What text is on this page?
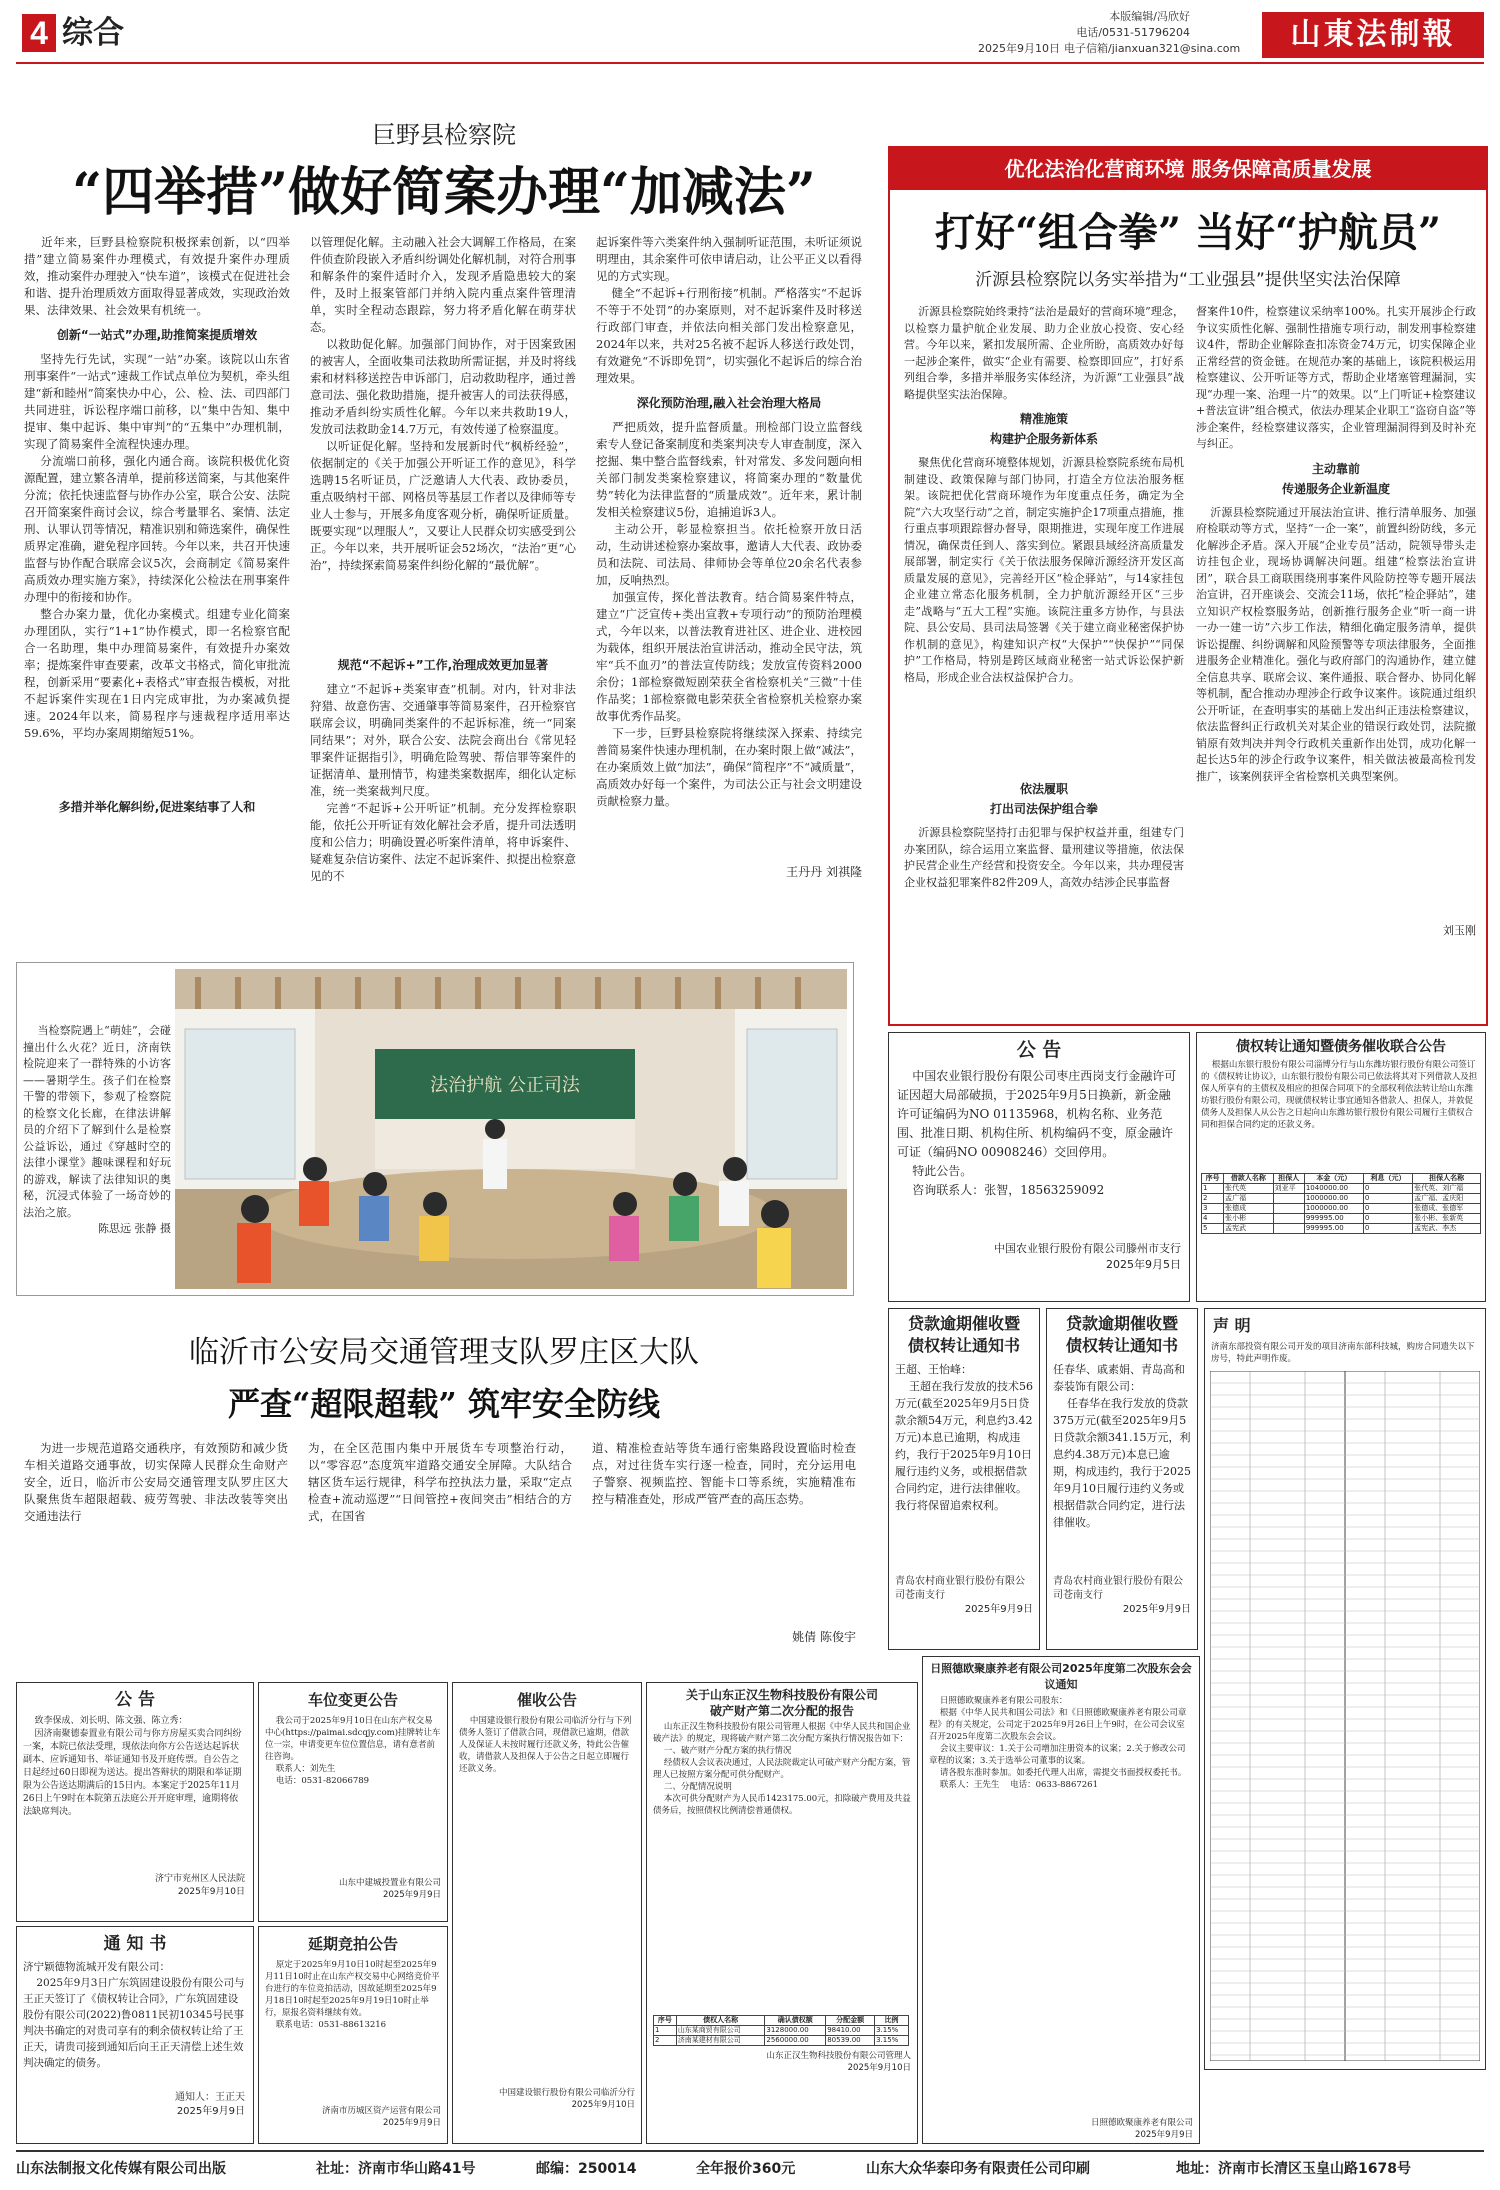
4 综合	本版编辑/冯欣好
电话/0531-51796204
2025年9月10日 电子信箱/jianxuan321@sina.com	山東法制報
巨野县检察院
“四举措”做好简案办理“加减法”
近年来，巨野县检察院积极探索创新，以“四举措”建立简易案件办理模式，有效提升案件办理质效，推动案件办理驶入“快车道”，该模式在促进社会和谐、提升治理质效方面取得显著成效，实现政治效果、法律效果、社会效果有机统一。
创新“一站式”办理,助推简案提质增效
坚持先行先试，实现“一站”办案。该院以山东省刑事案件“一站式”速裁工作试点单位为契机，牵头组建“新和睦州”简案快办中心，公、检、法、司四部门共同进驻，诉讼程序端口前移，以“集中告知、集中提审、集中起诉、集中审判”的“五集中”办理机制，实现了简易案件全流程快速办理。
分流端口前移，强化内通合商。该院积极优化资源配置，建立繁各清单，提前移送简案，与其他案件分流；依托快速监督与协作办公室，联合公安、法院召开简案案件商讨会议，综合考量罪名、案情、法定刑、认罪认罚等情况，精准识别和筛选案件，确保性质界定准确，避免程序回转。今年以来，共召开快速监督与协作配合联席会议5次，会商制定《简易案件高质效办理实施方案》，持续深化公检法在刑事案件办理中的衔接和协作。
整合办案力量，优化办案模式。组建专业化简案办理团队，实行“1+1”协作模式，即一名检察官配合一名助理，集中办理简易案件，有效提升办案效率；提炼案件审查要素，改革文书格式，简化审批流程，创新采用“要素化+表格式”审查报告模板，对批不起诉案件实现在1日内完成审批，为办案减负提速。2024年以来，简易程序与速裁程序适用率达59.6%，平均办案周期缩短51%。
多措并举化解纠纷,促进案结事了人和
以管理促化解。主动融入社会大调解工作格局，在案件侦查阶段嵌入矛盾纠纷调处化解机制，对符合刑事和解条件的案件适时介入，发现矛盾隐患较大的案件，及时上报案管部门并纳入院内重点案件管理清单，实时全程动态跟踪，努力将矛盾化解在萌芽状态。
以救助促化解。加强部门间协作，对于因案致困的被害人，全面收集司法救助所需证据，并及时将线索和材料移送控告申诉部门，启动救助程序，通过善意司法、强化救助措施，提升被害人的司法获得感，推动矛盾纠纷实质性化解。今年以来共救助19人，发放司法救助金14.7万元，有效传递了检察温度。
以听证促化解。坚持和发展新时代“枫桥经验”，依据制定的《关于加强公开听证工作的意见》，科学选聘15名听证员，广泛邀请人大代表、政协委员，重点吸纳村干部、网格员等基层工作者以及律师等专业人士参与，开展多角度客观分析，确保听证质量。既要实现“以理服人”，又要让人民群众切实感受到公正。今年以来，共开展听证会52场次，“法治”更“心治”，持续探索简易案件纠纷化解的“最优解”。
规范“不起诉+”工作,治理成效更加显著
建立“不起诉+类案审查”机制。对内，针对非法狩猎、故意伤害、交通肇事等简易案件，召开检察官联席会议，明确同类案件的不起诉标准，统一“同案同结果”；对外，联合公安、法院会商出台《常见轻罪案件证据指引》，明确危险驾驶、帮信罪等案件的证据清单、量刑情节，构建类案数据库，细化认定标准，统一类案裁判尺度。
完善“不起诉+公开听证”机制。充分发挥检察职能，依托公开听证有效化解社会矛盾，提升司法透明度和公信力；明确设置必听案件清单，将申诉案件、疑难复杂信访案件、法定不起诉案件、拟提出检察意见的不
起诉案件等六类案件纳入强制听证范围，未听证须说明理由，其余案件可依申请启动，让公平正义以看得见的方式实现。
健全“不起诉+行刑衔接”机制。严格落实“不起诉不等于不处罚”的办案原则，对不起诉案件及时移送行政部门审查，并依法向相关部门发出检察意见，2024年以来，共对25名被不起诉人移送行政处罚，有效避免“不诉即免罚”，切实强化不起诉后的综合治理效果。
深化预防治理,融入社会治理大格局
严把质效，提升监督质量。刑检部门设立监督线索专人登记备案制度和类案判决专人审查制度，深入挖掘、集中整合监督线索，针对常发、多发问题向相关部门制发类案检察建议，将简案办理的“数量优势”转化为法律监督的“质量成效”。近年来，累计制发相关检察建议5份，追捕追诉3人。
主动公开，彰显检察担当。依托检察开放日活动，生动讲述检察办案故事，邀请人大代表、政协委员和法院、司法局、律师协会等单位20余名代表参加，反响热烈。
加强宣传，探化普法教育。结合简易案件特点，建立“广泛宣传+类出宣教+专项行动”的预防治理模式，今年以来，以普法教育进社区、进企业、进校园为载体，组织开展法治宣讲活动，推动全民守法，筑牢“兵不血刃”的普法宣传防线；发放宣传资料2000余份；1部检察微短剧荣获全省检察机关“三微”十佳作品奖；1部检察微电影荣获全省检察机关检察办案故事优秀作品奖。
下一步，巨野县检察院将继续深入探索、持续完善简易案件快速办理机制，在办案时限上做“减法”，在办案质效上做“加法”，确保“简程序”不“减质量”，高质效办好每一个案件，为司法公正与社会文明建设贡献检察力量。
王丹丹 刘祺隆
优化法治化营商环境 服务保障高质量发展
打好“组合拳” 当好“护航员”
沂源县检察院以务实举措为“工业强县”提供坚实法治保障
沂源县检察院始终秉持“法治是最好的营商环境”理念，以检察力量护航企业发展、助力企业放心投资、安心经营。今年以来，紧扣发展所需、企业所盼，高质效办好每一起涉企案件，做实“企业有需要、检察即回应”，打好系列组合拳，多措并举服务实体经济，为沂源“工业强县”战略提供坚实法治保障。
精准施策
构建护企服务新体系
聚焦优化营商环境整体规划，沂源县检察院系统布局机制建设、政策保障与部门协同，打造全方位法治服务框架。该院把优化营商环境作为年度重点任务，确定为全院“六大攻坚行动”之首，制定实施护企17项重点措施，推行重点事项跟踪督办督导，限期推进，实现年度工作进展情况，确保责任到人、落实到位。紧跟县域经济高质量发展部署，制定实行《关于依法服务保障沂源经济开发区高质量发展的意见》，完善经开区“检企驿站”，与14家挂包企业建立常态化服务机制，全力护航沂源经开区“三步走”战略与“五大工程”实施。该院注重多方协作，与县法院、县公安局、县司法局签署《关于建立商业秘密保护协作机制的意见》，构建知识产权“大保护”“快保护”“同保护”工作格局，特别是跨区域商业秘密一站式诉讼保护新格局，形成企业合法权益保护合力。
依法履职
打出司法保护组合拳
沂源县检察院坚持打击犯罪与保护权益并重，组建专门办案团队，综合运用立案监督、量刑建议等措施，依法保护民营企业生产经营和投资安全。今年以来，共办理侵害企业权益犯罪案件82件209人，高效办结涉企民事监督
督案件10件，检察建议采纳率100%。扎实开展涉企行政争议实质性化解、强制性措施专项行动，制发刑事检察建议4件，帮助企业解除查扣冻资金74万元，切实保障企业正常经营的资金链。在规范办案的基础上，该院积极运用检察建议、公开听证等方式，帮助企业堵塞管理漏洞，实现“办理一案、治理一片”的效果。以“上门听证+检察建议+普法宣讲”组合模式，依法办理某企业职工“盗窃自盗”等涉企案件，经检察建议落实，企业管理漏洞得到及时补充与纠正。
主动靠前
传递服务企业新温度
沂源县检察院通过开展法治宣讲、推行清单服务、加强府检联动等方式，坚持“一企一案”，前置纠纷防线，多元化解涉企矛盾。深入开展“企业专员”活动，院领导带头走访挂包企业，现场协调解决问题。组建“检察法治宣讲团”，联合县工商联围绕刑事案件风险防控等专题开展法治宣讲，召开座谈会、交流会11场，依托“检企驿站”，建立知识产权检察服务站，创新推行服务企业“听一商一讲一办一建一访”六步工作法，精细化确定服务清单，提供诉讼提醒、纠纷调解和风险预警等专项法律服务，全面推进服务企业精准化。强化与政府部门的沟通协作，建立健全信息共享、联席会议、案件通报、联合督办、协同化解等机制，配合推动办理涉企行政争议案件。该院通过组织公开听证，在查明事实的基础上发出纠正违法检察建议，依法监督纠正行政机关对某企业的错误行政处罚，法院撤销原有效判决并判令行政机关重新作出处罚，成功化解一起长达5年的涉企行政争议案件，相关做法被最高检刊发推广，该案例获评全省检察机关典型案例。
刘玉刚
当检察院遇上“萌娃”，会碰撞出什么火花？近日，济南铁检院迎来了一群特殊的小访客——暑期学生。孩子们在检察干警的带领下，参观了检察院的检察文化长廊，在律法讲解员的介绍下了解到什么是检察公益诉讼，通过《穿越时空的法律小课堂》趣味课程和好玩的游戏，解读了法律知识的奥秘，沉浸式体验了一场奇妙的法治之旅。
陈思远 张静 摄
法治护航 公正司法
临沂市公安局交通管理支队罗庄区大队
严查“超限超载” 筑牢安全防线
为进一步规范道路交通秩序，有效预防和减少货车相关道路交通事故，切实保障人民群众生命财产安全，近日，临沂市公安局交通管理支队罗庄区大队聚焦货车超限超载、疲劳驾驶、非法改装等突出交通违法行
为，在全区范围内集中开展货车专项整治行动，以“零容忍”态度筑牢道路交通安全屏障。大队结合辖区货车运行规律，科学布控执法力量，采取“定点检查+流动巡逻”“日间管控+夜间突击”相结合的方式，在国省
道、精准检查站等货车通行密集路段设置临时检查点，对过往货车实行逐一检查，同时，充分运用电子警察、视频监控、智能卡口等系统，实施精准布控与精准查处，形成严管严查的高压态势。
姚倩 陈俊宇
公 告
中国农业银行股份有限公司枣庄西岗支行金融许可证因超大局部破损，于2025年9月5日换新，新金融许可证编码为NO 01135968，机构名称、业务范围、批准日期、机构住所、机构编码不变，原金融许可证（编码NO 00908246）交回停用。
特此公告。
咨询联系人：张智，18563259092
中国农业银行股份有限公司滕州市支行
2025年9月5日
债权转让通知暨债务催收联合公告
根据山东银行股份有限公司淄博分行与山东潍坊银行股份有限公司签订的《债权转让协议》，山东银行股份有限公司已依法将其对下列借款人及担保人所享有的主债权及相应的担保合同项下的全部权利依法转让给山东潍坊银行股份有限公司，现就债权转让事宜通知各借款人、担保人，并敦促债务人及担保人从公告之日起向山东潍坊银行股份有限公司履行主债权合同和担保合同约定的还款义务。
序号	借款人名称	担保人	本金（元）	利息（元）	担保人名称
1	张代英	刘亚平	1040000.00	0	张代英、刘广福
2	孟广福		1000000.00	0	孟广福、孟庆阳
3	张德成		1000000.00	0	张德成、张德军
4	张小彬		999995.00	0	张小彬、张新英
5	孟宪武		999995.00	0	孟宪武、李杰
贷款逾期催收暨
债权转让通知书
王超、王怡峰：
王超在我行发放的技术56万元(截至2025年9月5日贷款余额54万元，利息约3.42万元)本息已逾期，构成违约，我行于2025年9月10日履行违约义务，或根据借款合同约定，进行法律催收。我行将保留追索权利。
青岛农村商业银行股份有限公司苍南支行
2025年9月9日
贷款逾期催收暨
债权转让通知书
任春华、戚素娟、青岛高和泰装饰有限公司：
任春华在我行发放的贷款375万元(截至2025年9月5日贷款余额341.15万元，利息约4.38万元)本息已逾期，构成违约，我行于2025年9月10日履行违约义务或根据借款合同约定，进行法律催收。
青岛农村商业银行股份有限公司苍南支行
2025年9月9日
声 明
济南东部投资有限公司开发的项目济南东部科技城，购房合同遗失以下房号，特此声明作废。
公 告
致李保成、刘长明、陈文强、陈立秀：
因济南聚德泰置业有限公司与你方房屋买卖合同纠纷一案，本院已依法受理，现依法向你方公告送达起诉状副本、应诉通知书、举证通知书及开庭传票。自公告之日起经过60日即视为送达。提出答辩状的期限和举证期限为公告送达期满后的15日内。本案定于2025年11月26日上午9时在本院第五法庭公开开庭审理，逾期将依法缺席判决。
济宁市兖州区人民法院
2025年9月10日
通 知 书
济宁颖德物流城开发有限公司：
2025年9月3日广东筑固建设股份有限公司与王正天签订了《债权转让合同》，广东筑固建设股份有限公司(2022)鲁0811民初10345号民事判决书确定的对贵司享有的剩余债权转让给了王正天，请贵司接到通知后向王正天清偿上述生效判决确定的债务。
通知人：王正天
2025年9月9日
车位变更公告
我公司于2025年9月10日在山东产权交易中心(https://paimai.sdcqjy.com)挂牌转让车位一宗，申请变更车位位置信息，请有意者前往咨询。
联系人：刘先生
电话：0531-82066789
山东中建城投置业有限公司
2025年9月9日
延期竞拍公告
原定于2025年9月10日10时起至2025年9月11日10时止在山东产权交易中心网络竞价平台进行的车位竞拍活动，因故延期至2025年9月18日10时起至2025年9月19日10时止举行，原报名资料继续有效。
联系电话：0531-88613216
济南市历城区资产运营有限公司
2025年9月9日
催收公告
中国建设银行股份有限公司临沂分行与下列债务人签订了借款合同，现借款已逾期，借款人及保证人未按时履行还款义务，特此公告催收，请借款人及担保人于公告之日起立即履行还款义务。
中国建设银行股份有限公司临沂分行
2025年9月10日
关于山东正汉生物科技股份有限公司
破产财产第二次分配的报告
山东正汉生物科技股份有限公司管理人根据《中华人民共和国企业破产法》的规定，现将破产财产第二次分配方案执行情况报告如下：
一、破产财产分配方案的执行情况
经债权人会议表决通过，人民法院裁定认可破产财产分配方案，管理人已按照方案分配可供分配财产。
二、分配情况说明
本次可供分配财产为人民币1423175.00元，扣除破产费用及共益债务后，按照债权比例清偿普通债权。
序号	债权人名称	确认债权额	分配金额	比例
1	山东某商贸有限公司	3128000.00	98410.00	3.15%
2	济南某建材有限公司	2560000.00	80539.00	3.15%
山东正汉生物科技股份有限公司管理人
2025年9月10日
日照德欧聚康养老有限公司2025年度第二次股东会会议通知
日照德欧聚康养老有限公司股东：
根据《中华人民共和国公司法》和《日照德欧聚康养老有限公司章程》的有关规定，公司定于2025年9月26日上午9时，在公司会议室召开2025年度第二次股东会会议。
会议主要审议：1.关于公司增加注册资本的议案；2.关于修改公司章程的议案；3.关于选举公司董事的议案。
请各股东准时参加。如委托代理人出席，需提交书面授权委托书。
联系人：王先生    电话：0633-8867261
日照德欧聚康养老有限公司
2025年9月9日
山东法制报文化传媒有限公司出版	社址：济南市华山路41号	邮编：250014	全年报价360元	山东大众华泰印务有限责任公司印刷	地址：济南市长清区玉皇山路1678号
